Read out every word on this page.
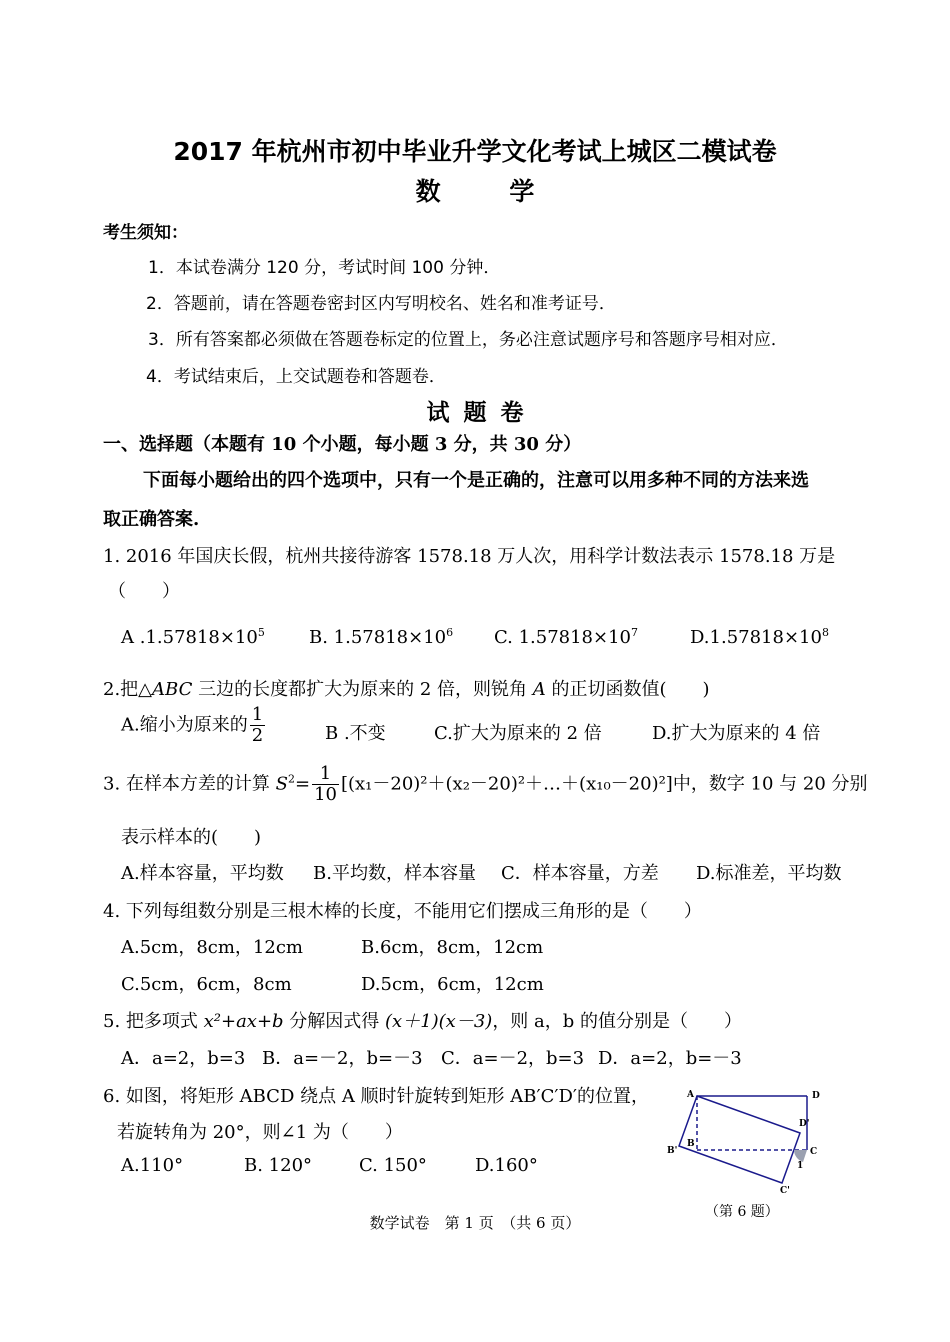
2017 年杭州市初中毕业升学文化考试上城区二模试卷
数 学
考生须知：
1．本试卷满分 120 分，考试时间 100 分钟．
2．答题前，请在答题卷密封区内写明校名、姓名和准考证号．
3．所有答案都必须做在答题卷标定的位置上，务必注意试题序号和答题序号相对应．
4．考试结束后，上交试题卷和答题卷．
试 题 卷
一、选择题（本题有 10 个小题，每小题 3 分，共 30 分）
下面每小题给出的四个选项中，只有一个是正确的，注意可以用多种不同的方法来选
取正确答案.
1. 2016 年国庆长假，杭州共接待游客 1578.18 万人次，用科学计数法表示 1578.18 万是
（　　）
A $.1.57818\times 10^5$ B. $1.57818\times 10^6$ C. $1.57818\times 10^7$	$D.1.57818\times 10^8$
2.把△ABC 三边的长度都扩大为原来的 2 倍，则锐角 A 的正切函数值(　　)
A.缩小为原来的 $\frac{1}{2}$	B .不变	C.扩大为原来的 2 倍	D.扩大为原来的 4 倍
3. 在样本方差的计算 $S^2= \frac{1}{10}$ [(x₁－20)²＋(x₂－20)²＋…＋(x₁₀－20)²]中，数字 10 与 20 分别
表示样本的(　　)
A.样本容量，平均数 B.平均数，样本容量 C．样本容量，方差 D.标准差，平均数
4. 下列每组数分别是三根木棒的长度，不能用它们摆成三角形的是（　　）
A.5cm，8cm，12cm	B.6cm，8cm，12cm
C.5cm，6cm，8cm	D.5cm，6cm，12cm
5. 把多项式 x²+ax+b 分解因式得 (x＋1)(x－3)，则 a，b 的值分别是（　　）
A．a=2，b=3 B．a=－2，b=－3 C．a=－2，b=3 D．a=2，b=－3
6. 如图，将矩形 ABCD 绕点 A 顺时针旋转到矩形 AB′C′D′的位置，
若旋转角为 20°，则∠1 为（　　）
A.110°	B. 120°	C. 150°	D.160°
A	D
D'
B
B'	C
1
C'
（第 6 题）
数学试卷　第 1 页　（共 6 页）
